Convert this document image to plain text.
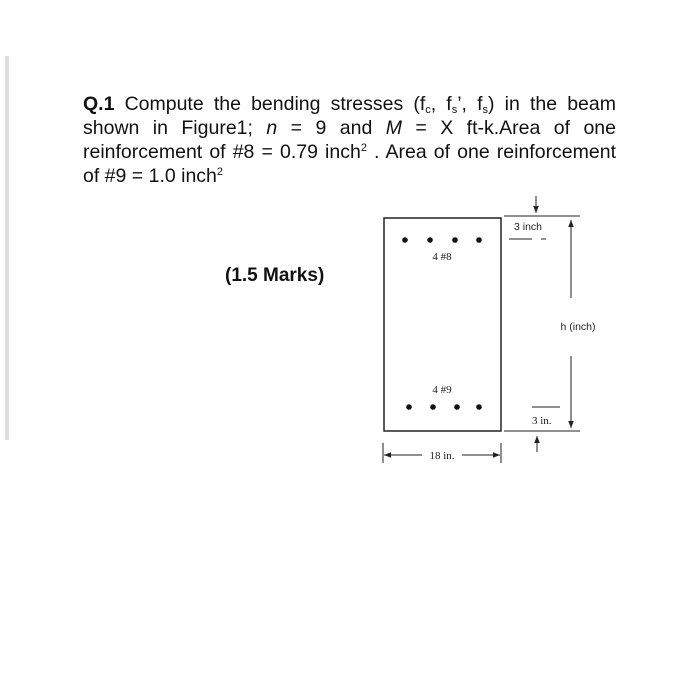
Q.1 Compute the bending stresses ($f_c$, $f_s$’, $f_s$) in the beam shown in Figure1; n = 9 and M = X ft-k.Area of one reinforcement of #8 = 0.79 inch$^2$ . Area of one reinforcement of #9 = 1.0 inch$^2$
(1.5 Marks)
4 #8
4 #9
3 inch
h (inch)
3 in.
18 in.
